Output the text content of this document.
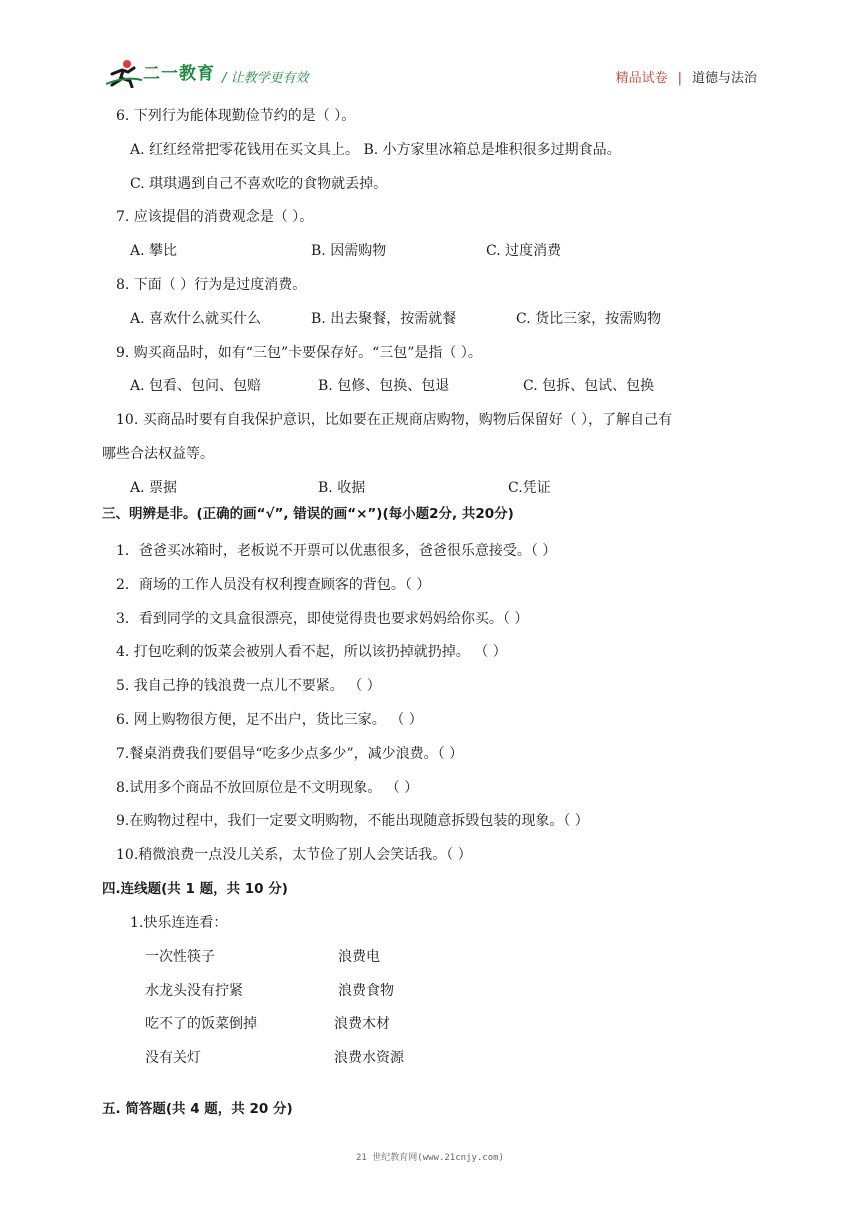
二一教育 / 让教学更有效	精品试卷 | 道德与法治
6. 下列行为能体现勤俭节约的是（ ）。
A. 红红经常把零花钱用在买文具上。 B. 小方家里冰箱总是堆积很多过期食品。
C. 琪琪遇到自己不喜欢吃的食物就丢掉。
7. 应该提倡的消费观念是（ ）。
A. 攀比	B. 因需购物	C. 过度消费
8. 下面（ ）行为是过度消费。
A. 喜欢什么就买什么	B. 出去聚餐，按需就餐	C. 货比三家，按需购物
9. 购买商品时，如有“三包”卡要保存好。“三包”是指（ ）。
A. 包看、包问、包赔	B. 包修、包换、包退	C. 包拆、包试、包换
10. 买商品时要有自我保护意识，比如要在正规商店购物，购物后保留好（ ），了解自己有
哪些合法权益等。
A. 票据	B. 收据	C.凭证
三、明辨是非。(正确的画“√”, 错误的画“×”)(每小题2分, 共20分)
1．爸爸买冰箱时，老板说不开票可以优惠很多，爸爸很乐意接受。（ ）
2．商场的工作人员没有权利搜查顾客的背包。（ ）
3．看到同学的文具盒很漂亮，即使觉得贵也要求妈妈给你买。（ ）
4. 打包吃剩的饭菜会被别人看不起，所以该扔掉就扔掉。 （ ）
5. 我自己挣的钱浪费一点儿不要紧。 （ ）
6. 网上购物很方便，足不出户，货比三家。 （ ）
7.餐桌消费我们要倡导“吃多少点多少”，减少浪费。（ ）
8.试用多个商品不放回原位是不文明现象。 （ ）
9.在购物过程中，我们一定要文明购物，不能出现随意拆毁包装的现象。（ ）
10.稍微浪费一点没儿关系，太节俭了别人会笑话我。（ ）
四.连线题(共 1 题，共 10 分)
1.快乐连连看：
一次性筷子	浪费电
水龙头没有拧紧	浪费食物
吃不了的饭菜倒掉	浪费木材
没有关灯	浪费水资源
五. 简答题(共 4 题，共 20 分)
21 世纪教育网(www.21cnjy.com)
